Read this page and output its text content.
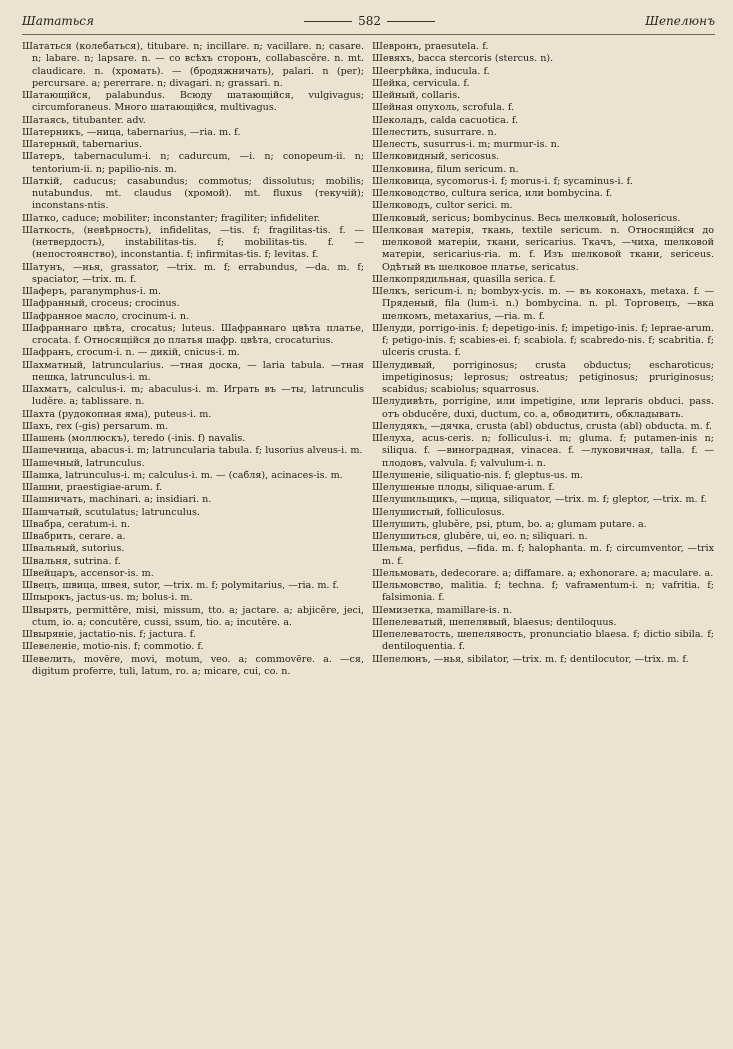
Шататься	582	Шепелюнъ

Шататься (колебаться), titubare. n; incillare. n; vacillare. n; casare. n; labare. n; lapsare. n. — со всѣхъ сторонъ, collabascĕre. n. mt. claudicare. n. (хромать). — (бродяжничать), palari. n (per); percursare. a; pererrare. n; divagari. n; grassari. n.

Шатающійся, palabundus. Всюду шатающійся, vulgivagus; circumforaneus. Много шатающійся, multivagus.

Шатаясь, titubanter. adv.

Шатерникъ, —ница, tabernarius, —ria. m. f.

Шатерный, tabernarius.

Шатеръ, tabernaculum-i. n; cadurcum, —i. n; conopeum-ii. n; tentorium-ii. n; papilio-nis. m.

Шаткій, caducus; casabundus; commotus; dissolutus; mobilis; nutabundus. mt. claudus (хромой). mt. fluxus (текучій); inconstans-ntis.

Шатко, caduce; mobiliter; inconstanter; fragiliter; infideliter.

Шаткость, (невѣрность), infidelitas, —tis. f; fragilitas-tis. f. — (нетвердость), instabilitas-tis. f; mobilitas-tis. f. — (непостоянство), inconstantia. f; infirmitas-tis. f; levitas. f.

Шатунъ, —нья, grassator, —trix. m. f; errabundus, —da. m. f; spaciator, —trix. m. f.

Шаферъ, paranymphus-i. m.

Шафранный, croceus; crocinus.

Шафранное масло, crocinum-i. n.

Шафраннаго цвѣта, crocatus; luteus. Шафраннаго цвѣта платье, crocata. f. Относящійся до платья шафр. цвѣта, crocaturius.

Шафранъ, crocum-i. n. — дикій, cnicus-i. m.

Шахматный, latruncularius. —тная доска, — laria tabula. —тная пешка, latrunculus-i. m.

Шахматъ, calculus-i. m; abaculus-i. m. Играть въ —ты, latrunculis ludĕre. a; tablissare. n.

Шахта (рудокопная яма), puteus-i. m.

Шахъ, rex (-gis) persarum. m.

Шашень (моллюскъ), teredo (-inis. f) navalis.

Шашечница, abacus-i. m; latruncularia tabula. f; lusorius alveus-i. m.

Шашечный, latrunculus.

Шашка, latrunculus-i. m; calculus-i. m. — (сабля), acinaces-is. m.

Шашни, praestigiae-arum. f.

Шашничать, machinari. a; insidiari. n.

Шашчатый, scutulatus; latrunculus.

Швабра, ceratum-i. n.

Швабрить, cerare. a.

Швальный, sutorius.

Швальня, sutrina. f.

Швейцаръ, accensor-is. m.

Швецъ, швица, швея, sutor, —trix. m. f; polymitarius, —ria. m. f.

Шпырокъ, jactus-us. m; bolus-i. m.

Швырять, permittĕre, misi, missum, tto. a; jactare. a; abjicĕre, jeci, ctum, io. a; concutĕre, cussi, ssum, tio. a; incutĕre. a.

Швыряніе, jactatio-nis. f; jactura. f.

Шевеленіе, motio-nis. f; commotio. f.

Шевелить, movēre, movi, motum, veo. a; commovēre. a. —ся, digitum proferre, tuli, latum, ro. a; micare, cui, co. n.

Шевронъ, praesutela. f.

Шевяхъ, bacca stercoris (stercus. n).

Шеегрѣйка, inducula. f.

Шейка, cervicula. f.

Шейный, collaris.

Шейная опухоль, scrofula. f.

Шеколадъ, calda cacuotica. f.

Шелестить, susurrare. n.

Шелестъ, susurrus-i. m; murmur-is. n.

Шелковидный, sericosus.

Шелковина, filum sericum. n.

Шелковица, sycomorus-i. f; morus-i. f; sycaminus-i. f.

Шелководство, cultura serica, или bombycina. f.

Шелководъ, cultor serici. m.

Шелковый, sericus; bombycinus. Весь шелковый, holosericus.

Шелковая матерія, ткань, textile sericum. n. Относящійся до шелковой матеріи, ткани, sericarius. Ткачъ, —чиха, шелковой матеріи, sericarius-ria. m. f. Изъ шелковой ткани, sericeus. Одѣтый въ шелковое платье, sericatus.

Шелкопрядильная, quasilla serica. f.

Шелкъ, sericum-i. n; bombyx-ycis. m. — въ коконахъ, metaxa. f. — Пряденый, fila (lum-i. n.) bombycina. n. pl. Торговецъ, —вка шелкомъ, metaxarius, —ria. m. f.

Шелуди, porrigo-inis. f; depetigo-inis. f; impetigo-inis. f; leprae-arum. f; petigo-inis. f; scabies-ei. f; scabiola. f; scabredo-nis. f; scabritia. f; ulceris crusta. f.

Шелудивый, porriginosus; crusta obductus; escharoticus; impetiginosus; leprosus; ostreatus; petiginosus; pruriginosus; scabidus; scabiolus; squarrosus.

Шелудивѣть, porrigine, или impetigine, или lepraris obduci. pass. отъ obducĕre, duxi, ductum, co. a, обводитить, обкладывать.

Шелудякъ, —дячка, crusta (abl) obductus, crusta (abl) obducta. m. f.

Шелуха, acus-ceris. n; folliculus-i. m; gluma. f; putamen-inis n; siliqua. f. —виноградная, vinacea. f. —луковичная, talla. f. —плодовъ, valvula. f; valvulum-i. n.

Шелушеніе, siliquatio-nis. f; gleptus-us. m.

Шелушеные плоды, siliquae-arum. f.

Шелушильщикъ, —щица, siliquator, —trix. m. f; gleptor, —trix. m. f.

Шелушистый, folliculosus.

Шелушить, glubĕre, psi, ptum, bo. a; glumam putare. a.

Шелушиться, glubĕre, ui, eo. n; siliquari. n.

Шельма, perfidus, —fida. m. f; halophanta. m. f; circumventor, —trix m. f.

Шельмовать, dedecorare. a; diffamare. a; exhonorare. a; maculare. a.

Шельмовство, malitia. f; techna. f; vafrамentum-i. n; vafritia. f; falsimonia. f.

Шемизетка, mamillare-is. n.

Шепелеватый, шепелявый, blaesus; dentiloquus.

Шепелеватость, шепелявость, pronunciatio blaesa. f; dictio sibila. f; dentiloquentia. f.

Шепелюнъ, —нья, sibilator, —trix. m. f; dentilocutor, —trix. m. f.
